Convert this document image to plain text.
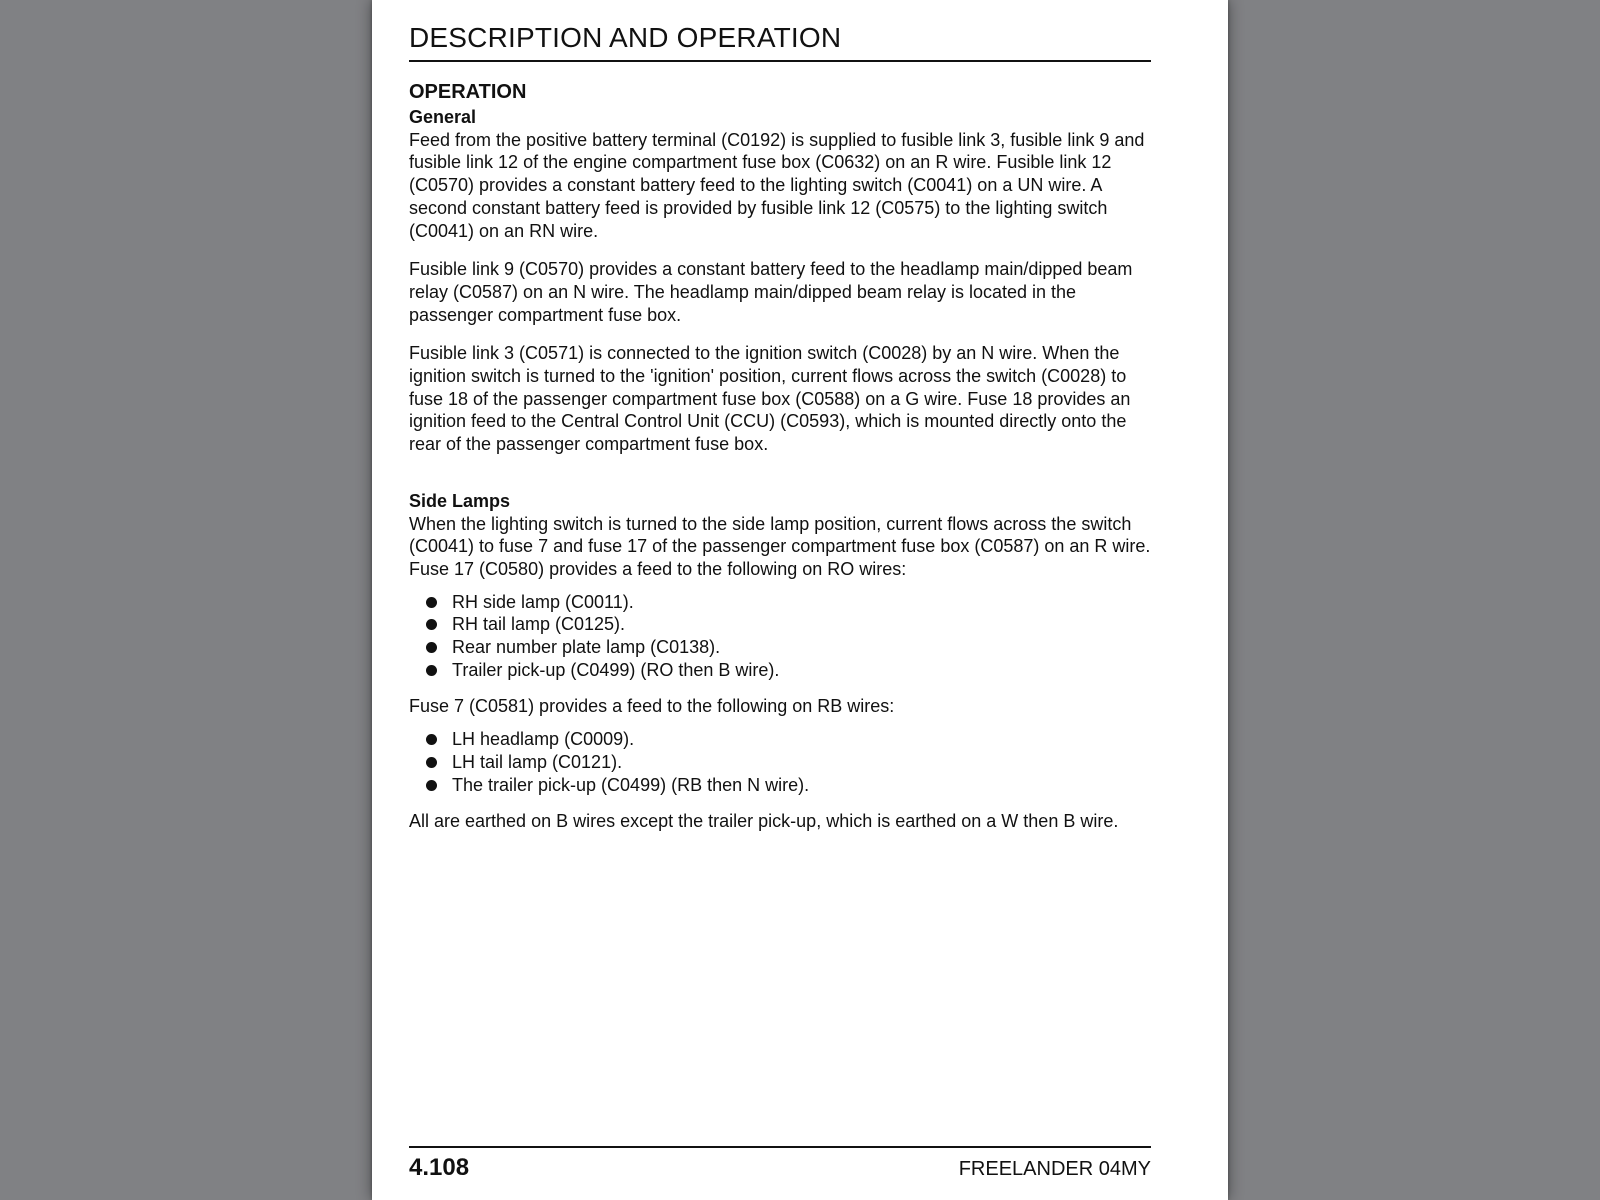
DESCRIPTION AND OPERATION
OPERATION
General

Feed from the positive battery terminal (C0192) is supplied to fusible link 3, fusible link 9 and fusible link 12 of the engine compartment fuse box (C0632) on an R wire. Fusible link 12 (C0570) provides a constant battery feed to the lighting switch (C0041) on a UN wire. A second constant battery feed is provided by fusible link 12 (C0575) to the lighting switch (C0041) on an RN wire.

Fusible link 9 (C0570) provides a constant battery feed to the headlamp main/dipped beam relay (C0587) on an N wire. The headlamp main/dipped beam relay is located in the passenger compartment fuse box.

Fusible link 3 (C0571) is connected to the ignition switch (C0028) by an N wire. When the ignition switch is turned to the 'ignition' position, current flows across the switch (C0028) to fuse 18 of the passenger compartment fuse box (C0588) on a G wire. Fuse 18 provides an ignition feed to the Central Control Unit (CCU) (C0593), which is mounted directly onto the rear of the passenger compartment fuse box.

Side Lamps

When the lighting switch is turned to the side lamp position, current flows across the switch (C0041) to fuse 7 and fuse 17 of the passenger compartment fuse box (C0587) on an R wire. Fuse 17 (C0580) provides a feed to the following on RO wires:

RH side lamp (C0011).
RH tail lamp (C0125).
Rear number plate lamp (C0138).
Trailer pick-up (C0499) (RO then B wire).

Fuse 7 (C0581) provides a feed to the following on RB wires:

LH headlamp (C0009).
LH tail lamp (C0121).
The trailer pick-up (C0499) (RB then N wire).

All are earthed on B wires except the trailer pick-up, which is earthed on a W then B wire.

4.108	FREELANDER 04MY
